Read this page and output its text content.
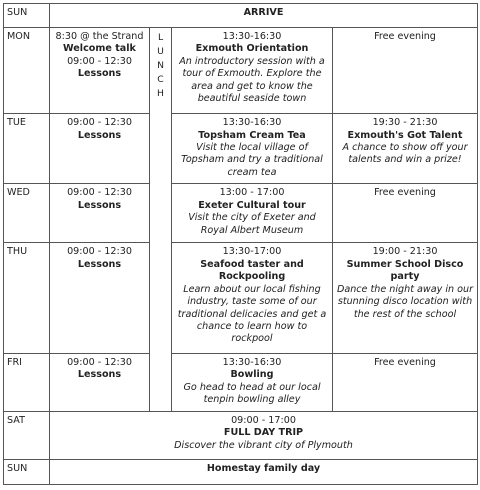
SUN	ARRIVE			

MON	8:30 @ the Strand
Welcome talk
09:00 - 12:30
Lessons	L
U
N
C
H	13:30-16:30
Exmouth Orientation
An introductory session with a tour of Exmouth. Explore the area and get to know the beautiful seaside town	Free evening

TUE	09:00 - 12:30
Lessons		13:30-16:30
Topsham Cream Tea
Visit the local village of Topsham and try a traditional cream tea	19:30 - 21:30
Exmouth's Got Talent
A chance to show off your talents and win a prize!

WED	09:00 - 12:30
Lessons		13:00 - 17:00
Exeter Cultural tour
Visit the city of Exeter and Royal Albert Museum	Free evening

THU	09:00 - 12:30
Lessons		13:30-17:00
Seafood taster and Rockpooling
Learn about our local fishing industry, taste some of our traditional delicacies and get a chance to learn how to rockpool	19:00 - 21:30
Summer School Disco party
Dance the night away in our stunning disco location with the rest of the school

FRI	09:00 - 12:30
Lessons		13:30-16:30
Bowling
Go head to head at our local tenpin bowling alley	Free evening

SAT	09:00 - 17:00
FULL DAY TRIP
Discover the vibrant city of Plymouth			

SUN	Homestay family day			
